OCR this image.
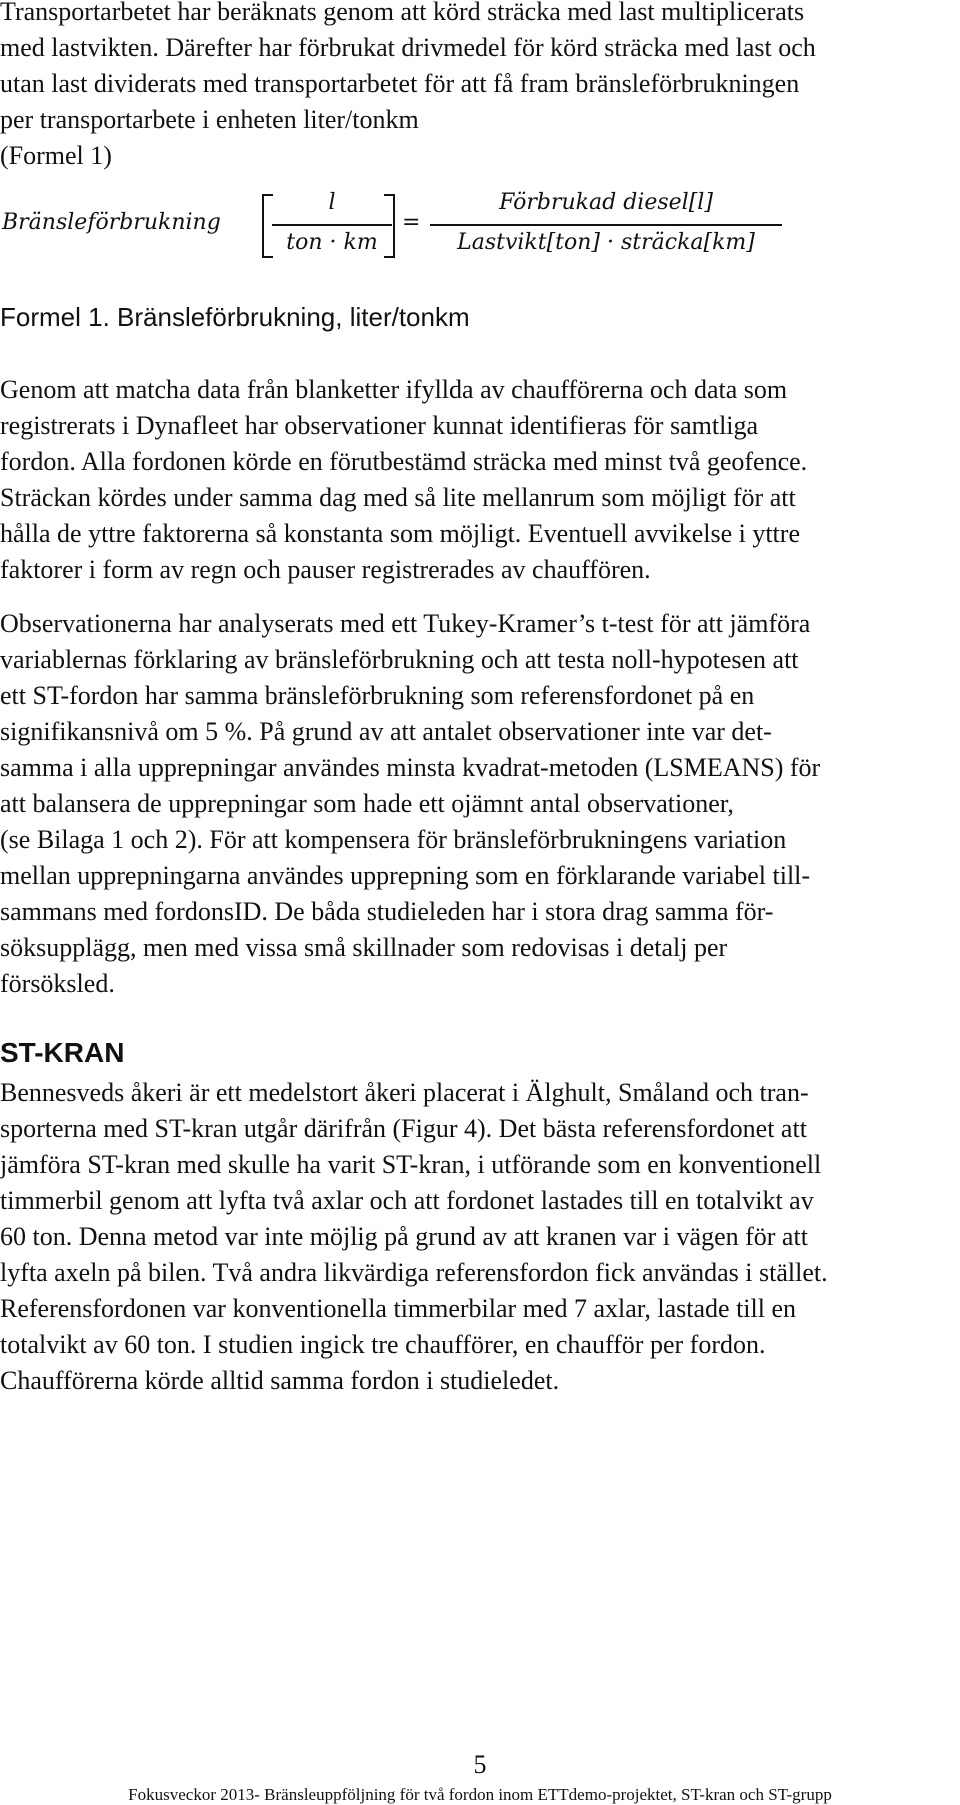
Transportarbetet har beräknats genom att körd sträcka med last multiplicerats
med lastvikten. Därefter har förbrukat drivmedel för körd sträcka med last och
utan last dividerats med transportarbetet för att få fram bränsleförbrukningen
per transportarbete i enheten liter/tonkm
(Formel 1)

Bränsleförbrukning
l
ton · km
=
Förbrukad diesel[l]
Lastvikt[ton] · sträcka[km]

Formel 1. Bränsleförbrukning, liter/tonkm

Genom att matcha data från blanketter ifyllda av chaufförerna och data som
registrerats i Dynafleet har observationer kunnat identifieras för samtliga
fordon. Alla fordonen körde en förutbestämd sträcka med minst två geofence.
Sträckan kördes under samma dag med så lite mellanrum som möjligt för att
hålla de yttre faktorerna så konstanta som möjligt. Eventuell avvikelse i yttre
faktorer i form av regn och pauser registrerades av chauffören.

Observationerna har analyserats med ett Tukey-Kramer’s t-test för att jämföra
variablernas förklaring av bränsleförbrukning och att testa noll-hypotesen att
ett ST-fordon har samma bränsleförbrukning som referensfordonet på en
signifikansnivå om 5 %. På grund av att antalet observationer inte var det-
samma i alla upprepningar användes minsta kvadrat-metoden (LSMEANS) för
att balansera de upprepningar som hade ett ojämnt antal observationer,
(se Bilaga 1 och 2). För att kompensera för bränsleförbrukningens variation
mellan upprepningarna användes upprepning som en förklarande variabel till-
sammans med fordonsID. De båda studieleden har i stora drag samma för-
söksupplägg, men med vissa små skillnader som redovisas i detalj per
försöksled.

ST-KRAN

Bennesveds åkeri är ett medelstort åkeri placerat i Älghult, Småland och tran-
sporterna med ST-kran utgår därifrån (Figur 4). Det bästa referensfordonet att
jämföra ST-kran med skulle ha varit ST-kran, i utförande som en konventionell
timmerbil genom att lyfta två axlar och att fordonet lastades till en totalvikt av
60 ton. Denna metod var inte möjlig på grund av att kranen var i vägen för att
lyfta axeln på bilen. Två andra likvärdiga referensfordon fick användas i stället.
Referensfordonen var konventionella timmerbilar med 7 axlar, lastade till en
totalvikt av 60 ton. I studien ingick tre chaufförer, en chaufför per fordon.
Chaufförerna körde alltid samma fordon i studieledet.

5
Fokusveckor 2013- Bränsleuppföljning för två fordon inom ETTdemo-projektet, ST-kran och ST-grupp
